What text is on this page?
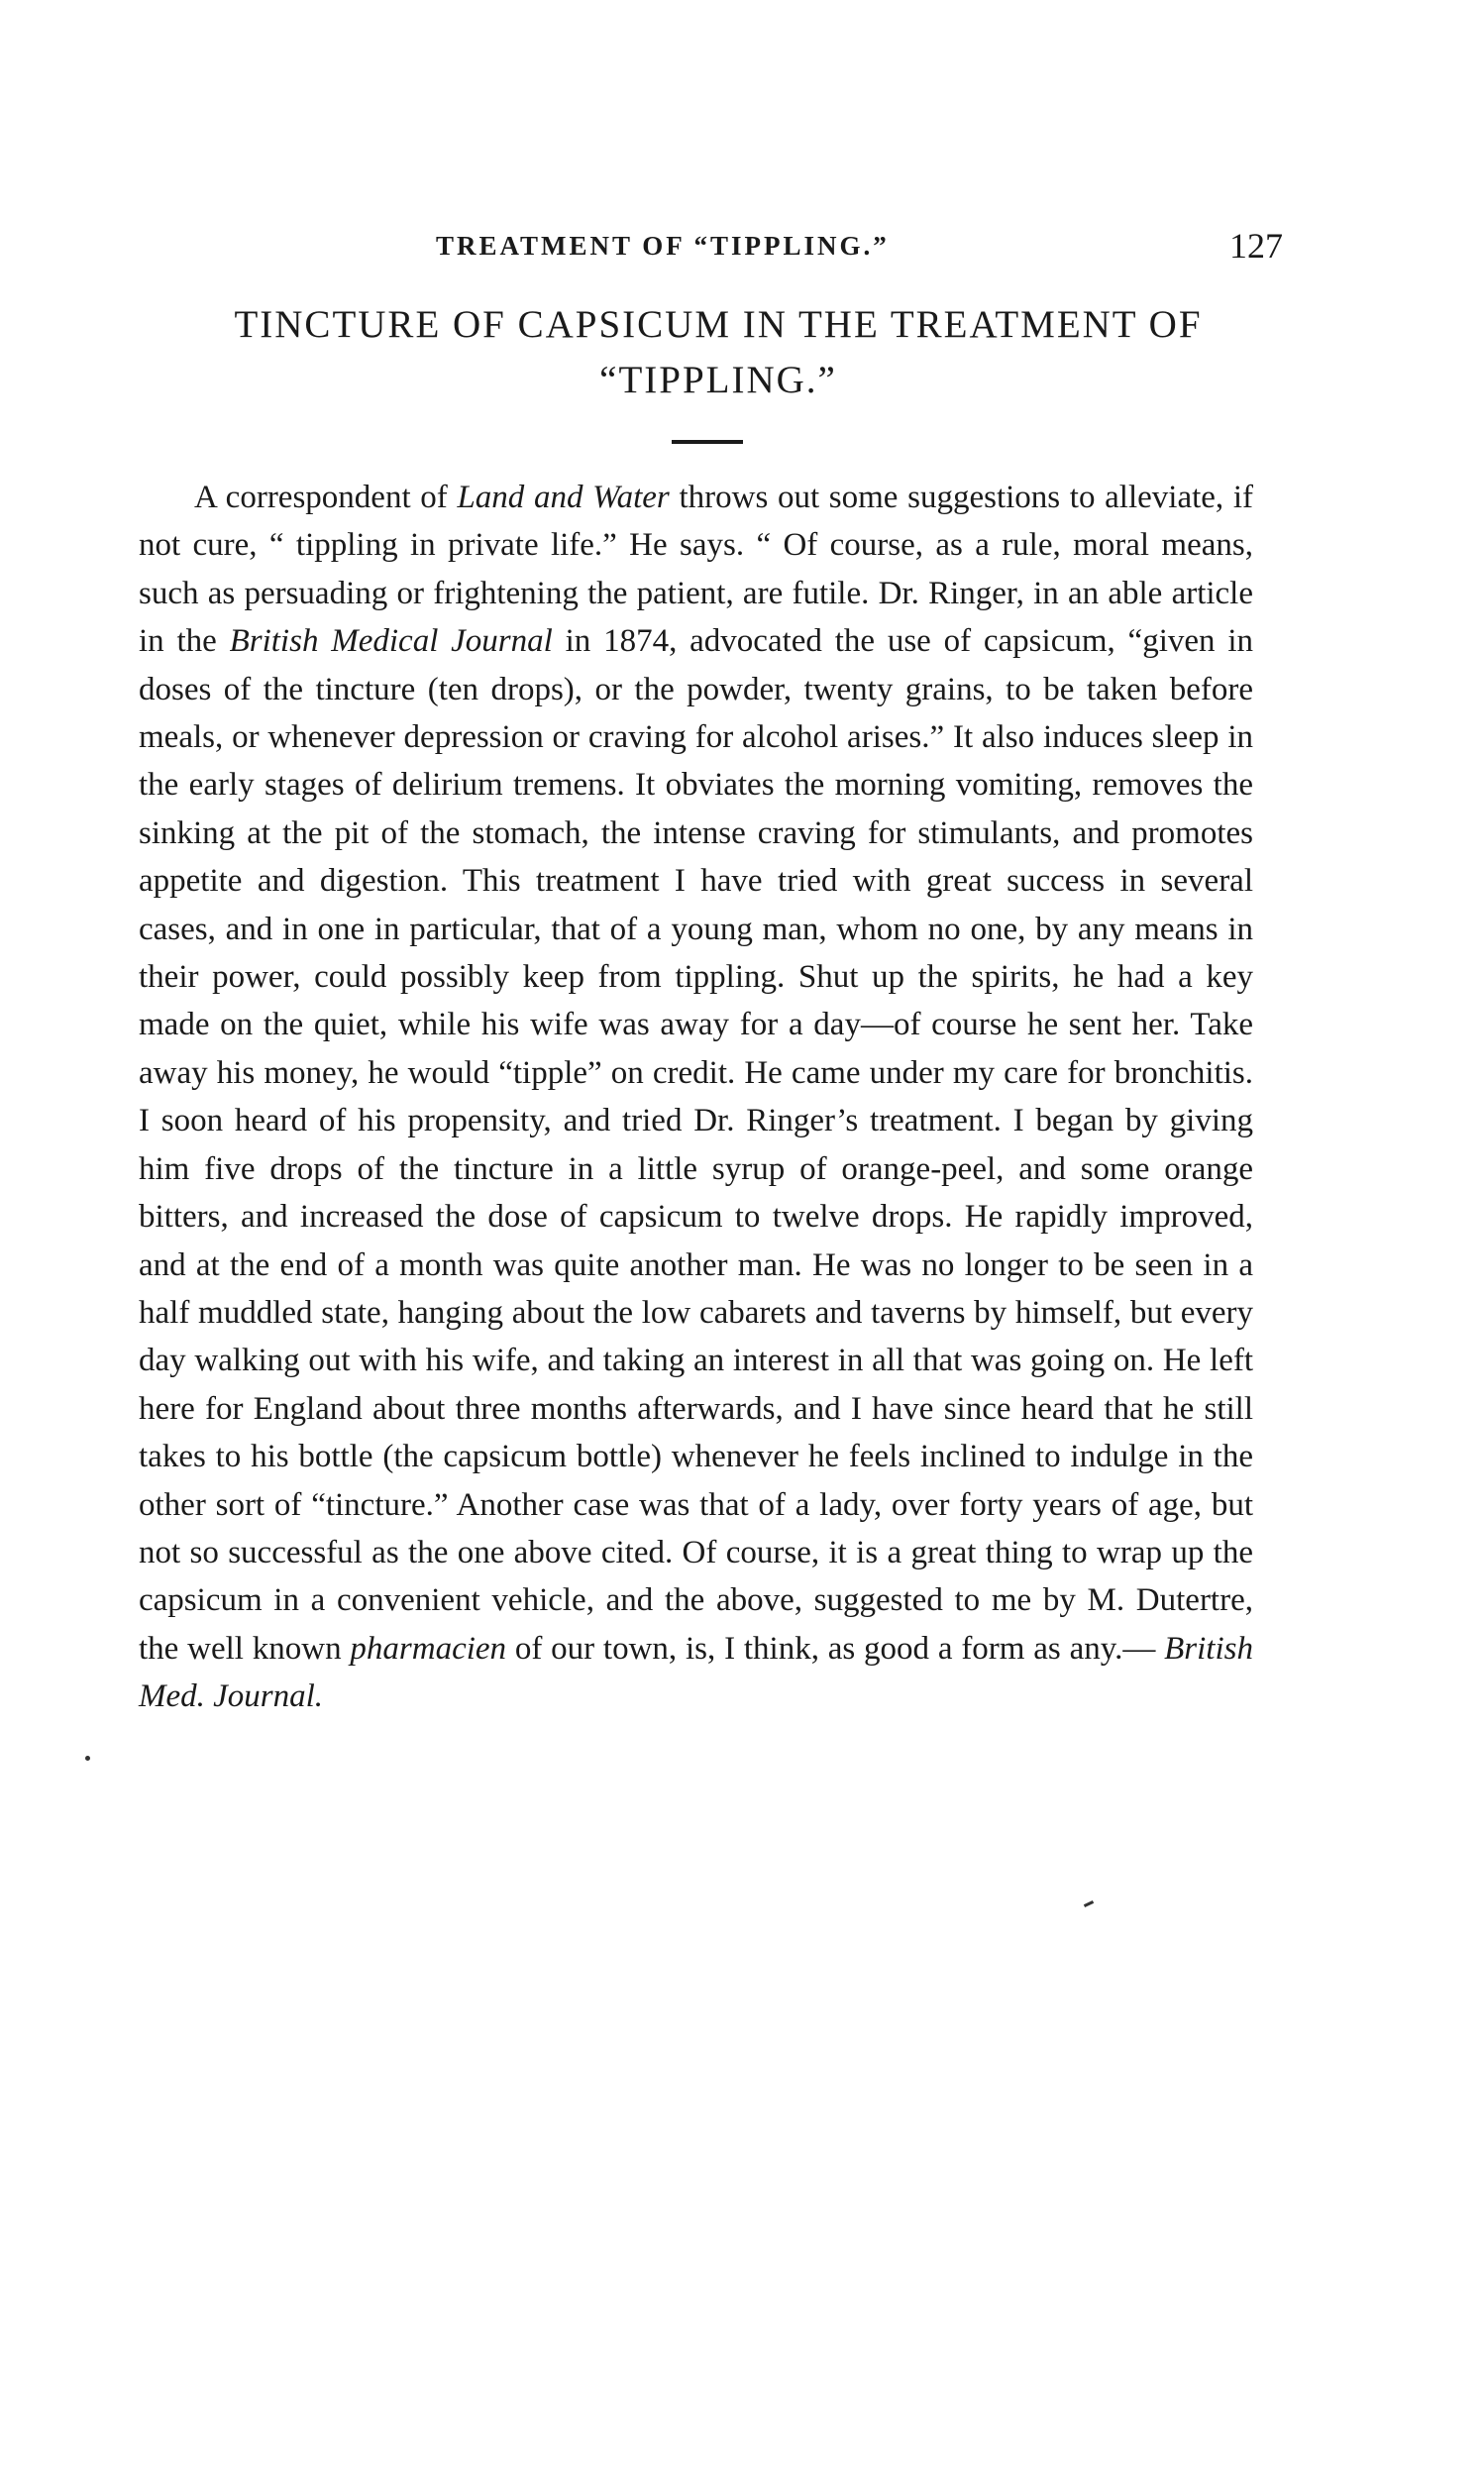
TREATMENT OF “TIPPLING.”	127
TINCTURE OF CAPSICUM IN THE TREATMENT OF “TIPPLING.”

A correspondent of Land and Water throws out some suggestions to alleviate, if not cure, “ tippling in private life.” He says. “ Of course, as a rule, moral means, such as persuading or frightening the patient, are futile. Dr. Ringer, in an able article in the British Medical Journal in 1874, advocated the use of capsicum, “given in doses of the tincture (ten drops), or the powder, twenty grains, to be taken before meals, or whenever depression or craving for alcohol arises.” It also induces sleep in the early stages of delirium tremens. It obviates the morning vomiting, removes the sinking at the pit of the stomach, the intense craving for stimulants, and promotes appetite and digestion. This treatment I have tried with great success in several cases, and in one in particular, that of a young man, whom no one, by any means in their power, could possibly keep from tippling. Shut up the spirits, he had a key made on the quiet, while his wife was away for a day—of course he sent her. Take away his money, he would “tipple” on credit. He came under my care for bronchitis. I soon heard of his propensity, and tried Dr. Ringer’s treatment. I began by giving him five drops of the tincture in a little syrup of orange-peel, and some orange bitters, and increased the dose of capsicum to twelve drops. He rapidly improved, and at the end of a month was quite another man. He was no longer to be seen in a half muddled state, hanging about the low cabarets and taverns by himself, but every day walking out with his wife, and taking an interest in all that was going on. He left here for England about three months afterwards, and I have since heard that he still takes to his bottle (the capsicum bottle) whenever he feels inclined to indulge in the other sort of “tincture.” Another case was that of a lady, over forty years of age, but not so successful as the one above cited. Of course, it is a great thing to wrap up the capsicum in a convenient vehicle, and the above, suggested to me by M. Dutertre, the well known pharmacien of our town, is, I think, as good a form as any.— British Med. Journal.
